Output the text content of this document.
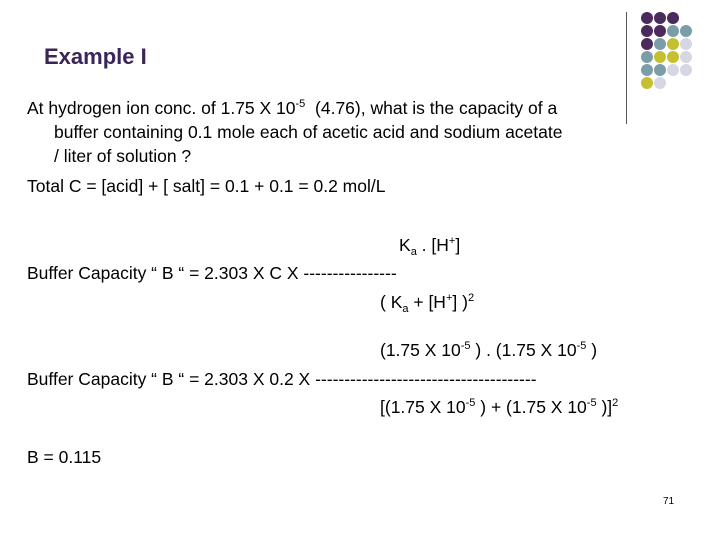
Example I
At hydrogen ion conc. of 1.75 X $10^{-5}$  (4.76), what is the capacity of a
buffer containing 0.1 mole each of acetic acid and sodium acetate
/ liter of solution ?
Total C = [acid] + [ salt] = 0.1 + 0.1 = 0.2 mol/L
$K_a$ . [H+]
Buffer Capacity “ B “ = 2.303 X C X ----------------
( $K_a + [H^+]$ )$^2$
(1.75 X $10^{-5}$ ) . (1.75 X $10^{-5}$ )
Buffer Capacity “ B “ = 2.303 X 0.2 X --------------------------------------
[(1.75 X $10^{-5}$ ) + (1.75 X $10^{-5}$ )]$^2$
B = 0.115
71
